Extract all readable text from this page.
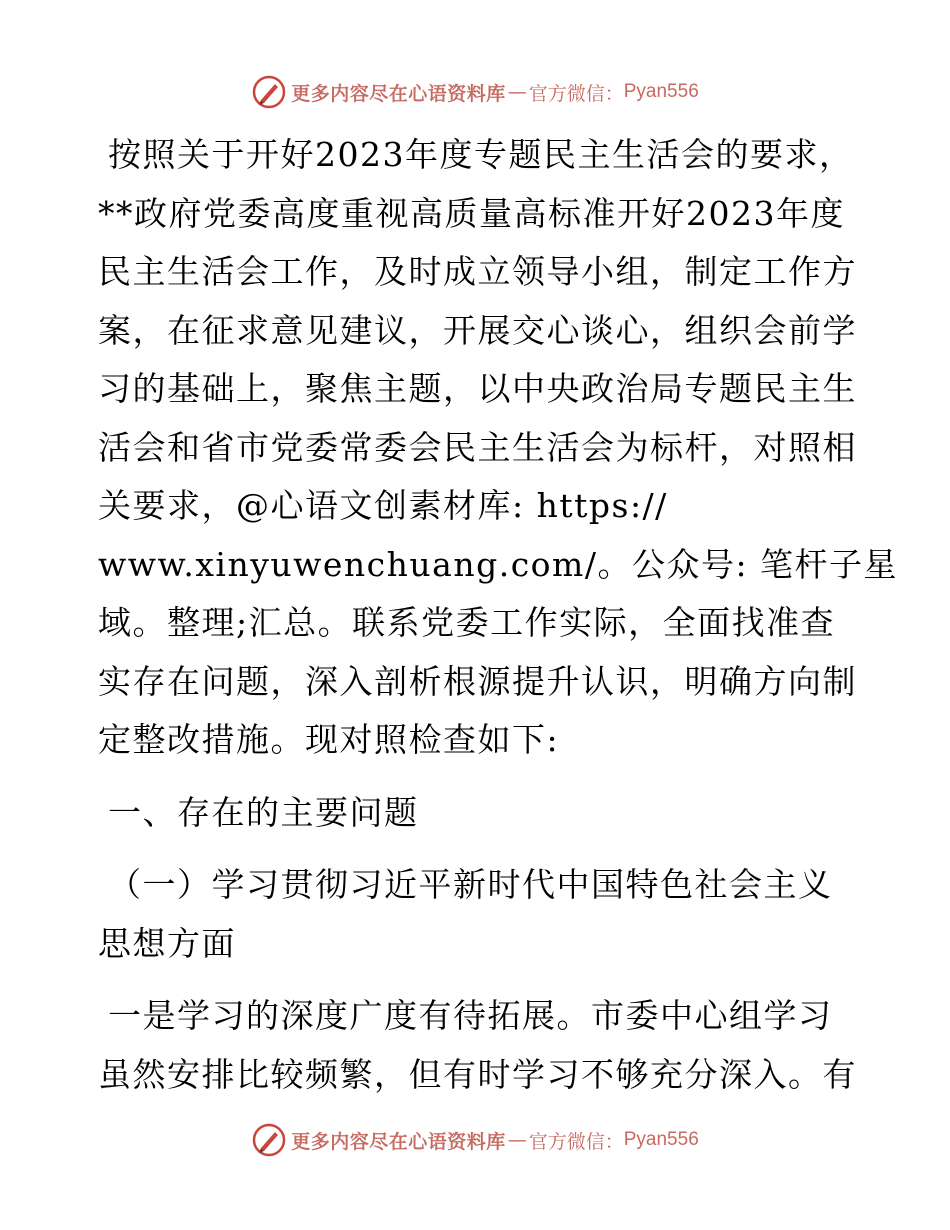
更多内容尽在心语资料库 — 官方微信： Pyan556

按照关于开好2023年度专题民主生活会的要求，
**政府党委高度重视高质量高标准开好2023年度
民主生活会工作，及时成立领导小组，制定工作方
案，在征求意见建议，开展交心谈心，组织会前学
习的基础上，聚焦主题，以中央政治局专题民主生
活会和省市党委常委会民主生活会为标杆，对照相
关要求，@心语文创素材库: https://
www.xinyuwenchuang.com/。公众号: 笔杆子星
域。整理;汇总。联系党委工作实际，全面找准查
实存在问题，深入剖析根源提升认识，明确方向制
定整改措施。现对照检查如下:

一、存在的主要问题

（一）学习贯彻习近平新时代中国特色社会主义
思想方面

一是学习的深度广度有待拓展。市委中心组学习
虽然安排比较频繁，但有时学习不够充分深入。有

更多内容尽在心语资料库 — 官方微信： Pyan556
